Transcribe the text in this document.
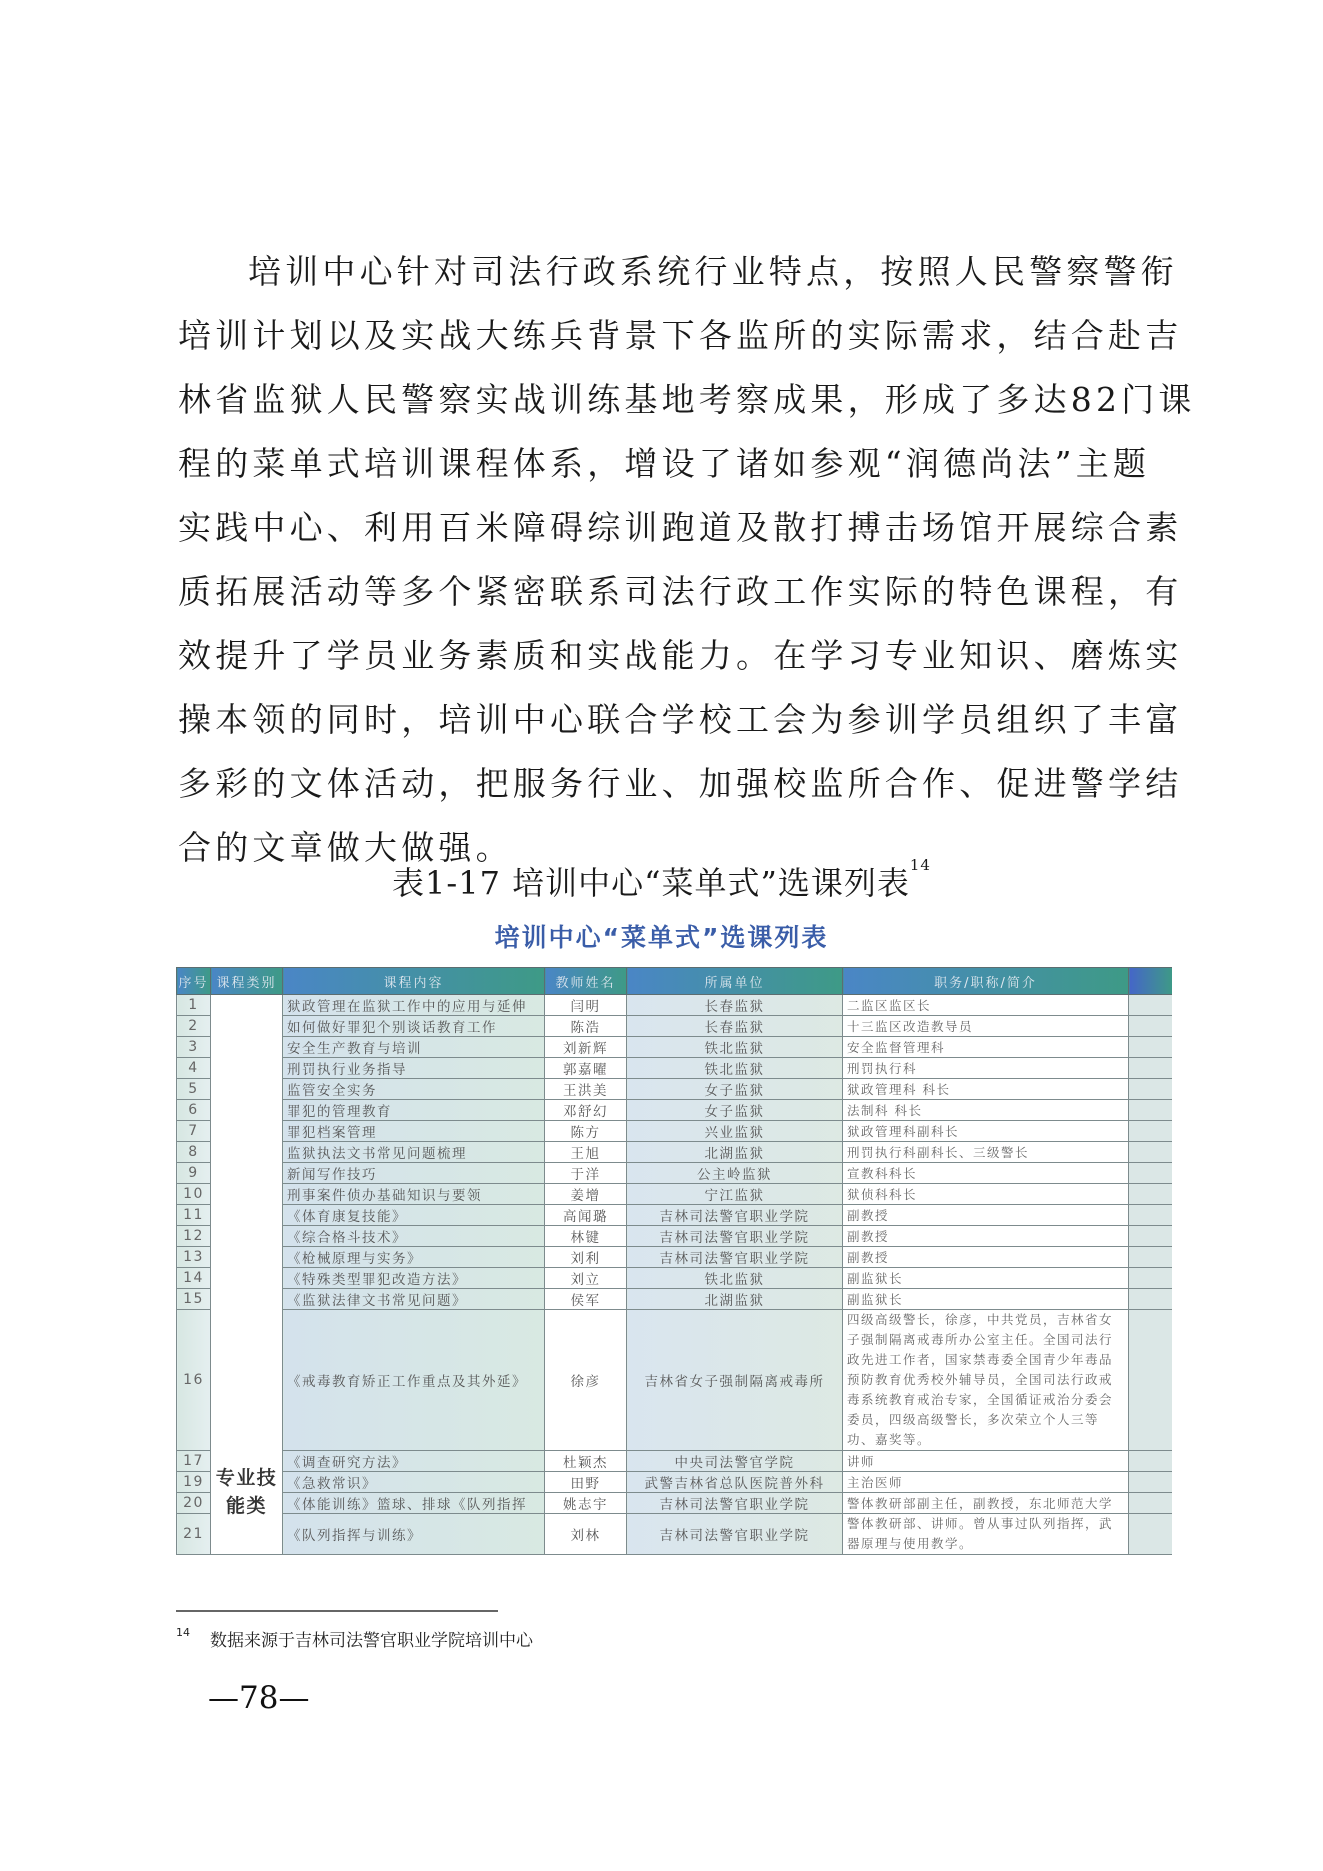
培训中心针对司法行政系统行业特点，按照人民警察警衔
培训计划以及实战大练兵背景下各监所的实际需求，结合赴吉
林省监狱人民警察实战训练基地考察成果，形成了多达82门课
程的菜单式培训课程体系，增设了诸如参观“润德尚法”主题
实践中心、利用百米障碍综训跑道及散打搏击场馆开展综合素
质拓展活动等多个紧密联系司法行政工作实际的特色课程，有
效提升了学员业务素质和实战能力。在学习专业知识、磨炼实
操本领的同时，培训中心联合学校工会为参训学员组织了丰富
多彩的文体活动，把服务行业、加强校监所合作、促进警学结
合的文章做大做强。

表1-17 培训中心“菜单式”选课列表$^{14}$
培训中心“菜单式”选课列表
序号	课程类别	课程内容	教师姓名	所属单位	职务/职称/简介	
1	专业技能类	狱政管理在监狱工作中的应用与延伸	闫明	长春监狱	二监区监区长	
2		如何做好罪犯个别谈话教育工作	陈浩	长春监狱	十三监区改造教导员	
3		安全生产教育与培训	刘新辉	铁北监狱	安全监督管理科	
4		刑罚执行业务指导	郭嘉曜	铁北监狱	刑罚执行科	
5		监管安全实务	王洪美	女子监狱	狱政管理科 科长	
6		罪犯的管理教育	邓舒幻	女子监狱	法制科 科长	
7		罪犯档案管理	陈方	兴业监狱	狱政管理科副科长	
8		监狱执法文书常见问题梳理	王旭	北湖监狱	刑罚执行科副科长、三级警长	
9		新闻写作技巧	于洋	公主岭监狱	宣教科科长	
10		刑事案件侦办基础知识与要领	姜增	宁江监狱	狱侦科科长	
11		《体育康复技能》	高闻璐	吉林司法警官职业学院	副教授	
12		《综合格斗技术》	林键	吉林司法警官职业学院	副教授	
13		《枪械原理与实务》	刘利	吉林司法警官职业学院	副教授	
14		《特殊类型罪犯改造方法》	刘立	铁北监狱	副监狱长	
15		《监狱法律文书常见问题》	侯军	北湖监狱	副监狱长	
16		《戒毒教育矫正工作重点及其外延》	徐彦	吉林省女子强制隔离戒毒所	四级高级警长，徐彦，中共党员，吉林省女子强制隔离戒毒所办公室主任。全国司法行政先进工作者，国家禁毒委全国青少年毒品预防教育优秀校外辅导员，全国司法行政戒毒系统教育戒治专家，全国循证戒治分委会委员，四级高级警长，多次荣立个人三等功、嘉奖等。	
17		《调查研究方法》	杜颖杰	中央司法警官学院	讲师	
19		《急救常识》	田野	武警吉林省总队医院普外科	主治医师	
20		《体能训练》篮球、排球《队列指挥	姚志宇	吉林司法警官职业学院	警体教研部副主任，副教授，东北师范大学	
21		《队列指挥与训练》	刘林	吉林司法警官职业学院	警体教研部、讲师。曾从事过队列指挥，武器原理与使用教学。	
$^{14}$ 数据来源于吉林司法警官职业学院培训中心
—78—
